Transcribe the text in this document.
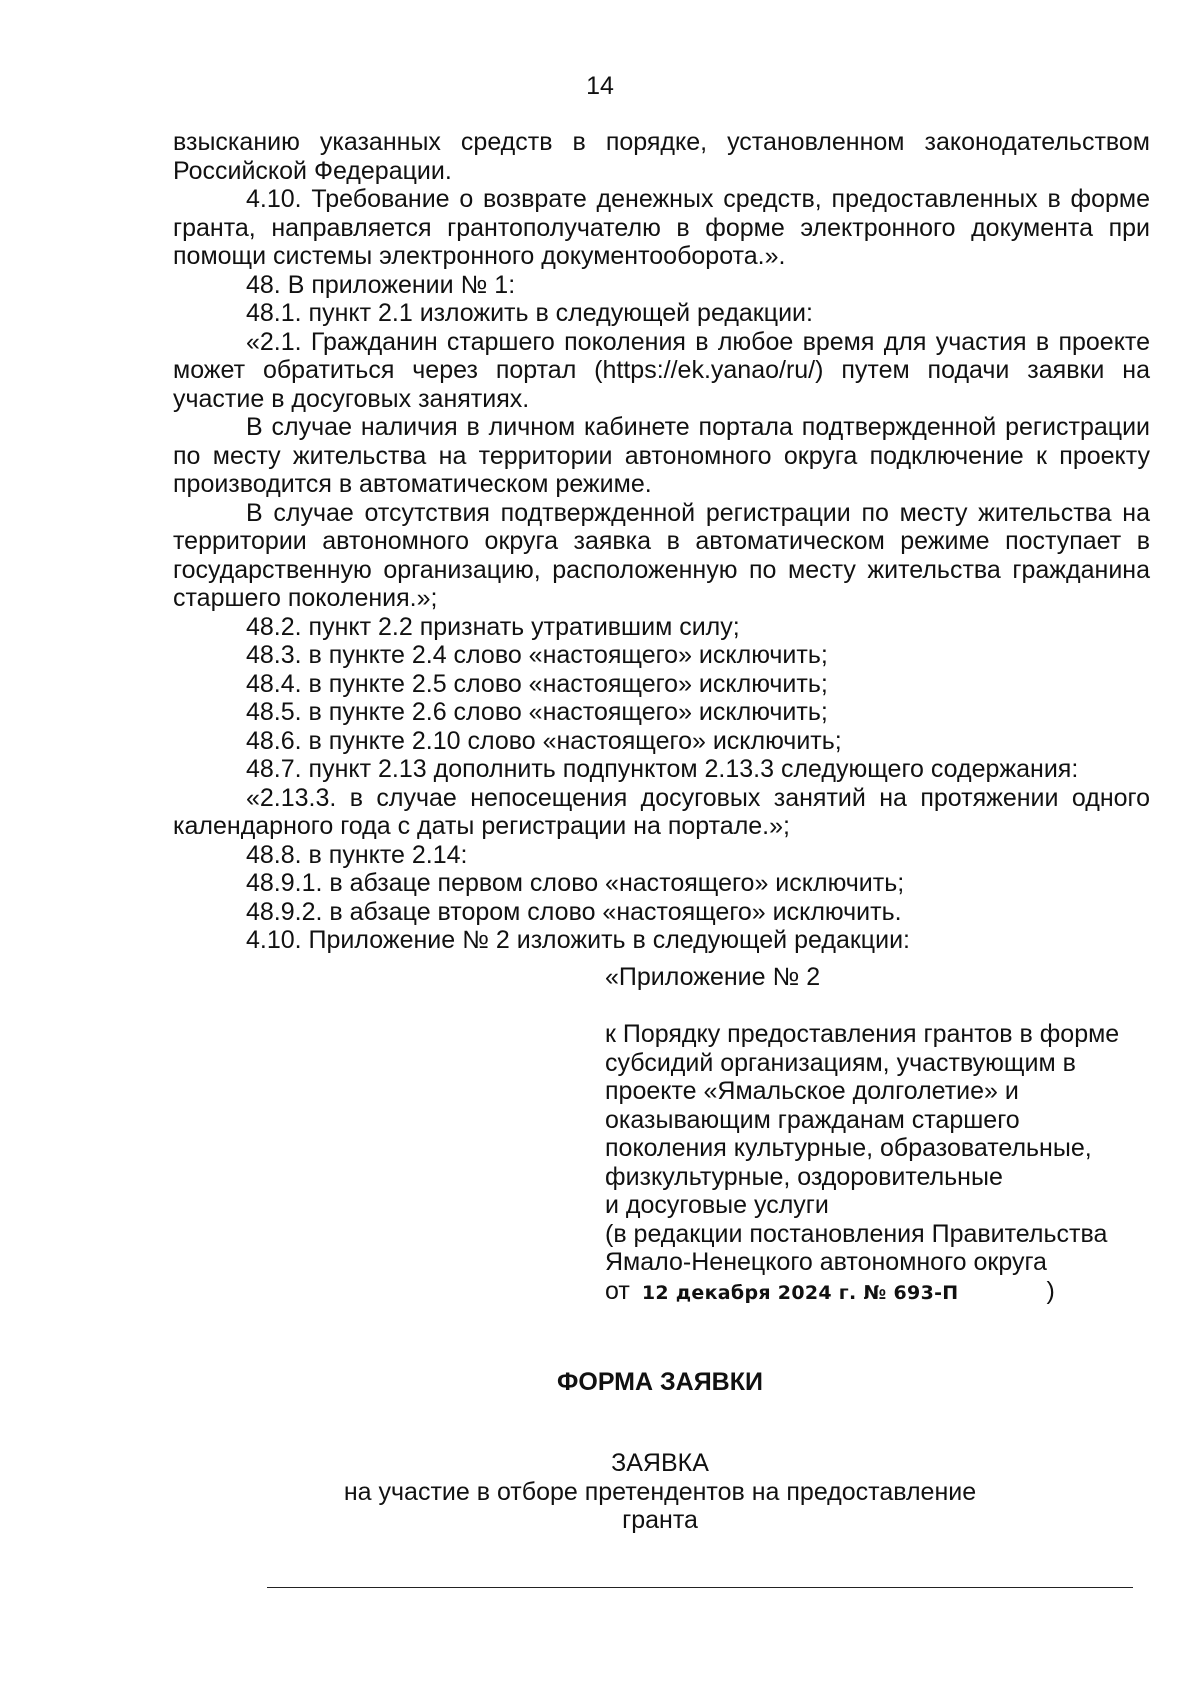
14

взысканию указанных средств в порядке, установленном законодательством Российской Федерации.

4.10. Требование о возврате денежных средств, предоставленных в форме гранта, направляется грантополучателю в форме электронного документа при помощи системы электронного документооборота.».

48. В приложении № 1:

48.1. пункт 2.1 изложить в следующей редакции:

«2.1. Гражданин старшего поколения в любое время для участия в проекте может обратиться через портал (https://ek.yanao/ru/) путем подачи заявки на участие в досуговых занятиях.

В случае наличия в личном кабинете портала подтвержденной регистрации по месту жительства на территории автономного округа подключение к проекту производится в автоматическом режиме.

В случае отсутствия подтвержденной регистрации по месту жительства на территории автономного округа заявка в автоматическом режиме поступает в государственную организацию, расположенную по месту жительства гражданина старшего поколения.»;

48.2. пункт 2.2 признать утратившим силу;

48.3. в пункте 2.4 слово «настоящего» исключить;

48.4. в пункте 2.5 слово «настоящего» исключить;

48.5. в пункте 2.6 слово «настоящего» исключить;

48.6. в пункте 2.10 слово «настоящего» исключить;

48.7. пункт 2.13 дополнить подпунктом 2.13.3 следующего содержания:

«2.13.3. в случае непосещения досуговых занятий на протяжении одного календарного года с даты регистрации на портале.»;

48.8. в пункте 2.14:

48.9.1. в абзаце первом слово «настоящего» исключить;

48.9.2. в абзаце втором слово «настоящего» исключить.

4.10. Приложение № 2 изложить в следующей редакции:

«Приложение № 2

к Порядку предоставления грантов в форме

субсидий организациям, участвующим в

проекте «Ямальское долголетие» и

оказывающим гражданам старшего

поколения культурные, образовательные,

физкультурные, оздоровительные

и досуговые услуги

(в редакции постановления Правительства

Ямало-Ненецкого автономного округа

от 12 декабря 2024 г. № 693-П	)

ФОРМА ЗАЯВКИ

ЗАЯВКА

на участие в отборе претендентов на предоставление

гранта
